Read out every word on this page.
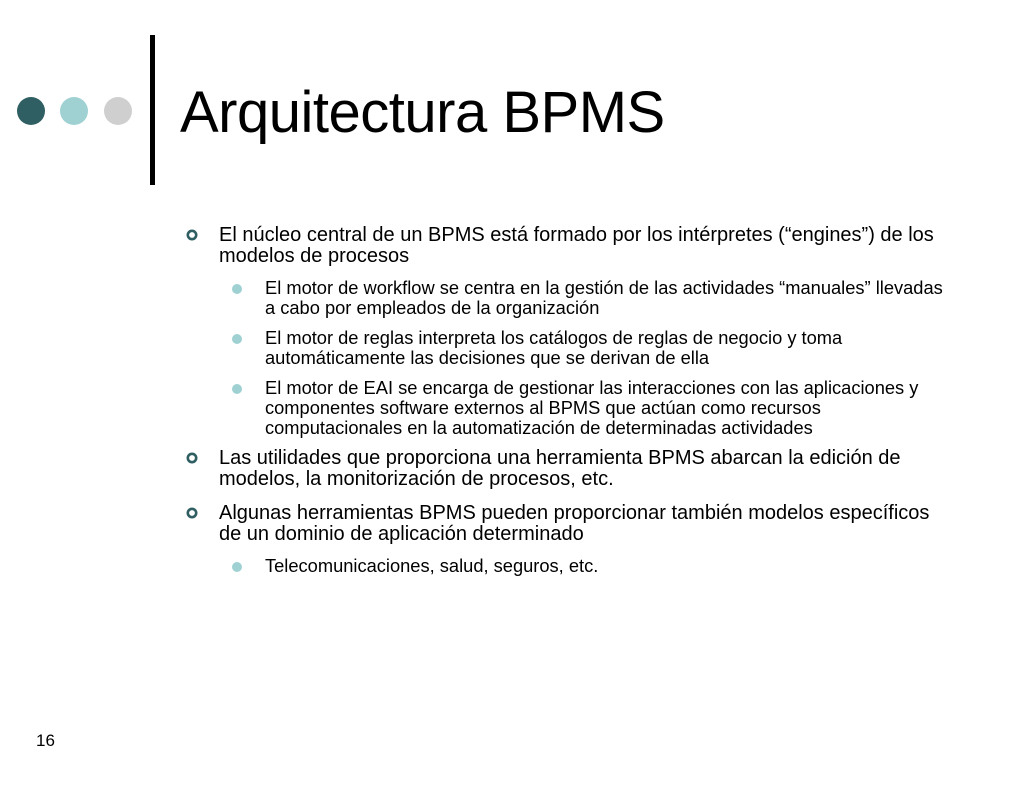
Arquitectura BPMS
El núcleo central de un BPMS está formado por los intérpretes (“engines”) de los modelos de procesos
El motor de workflow se centra en la gestión de las actividades “manuales” llevadas a cabo por empleados de la organización
El motor de reglas interpreta los catálogos de reglas de negocio y toma automáticamente las decisiones que se derivan de ella
El motor de EAI se encarga de gestionar las interacciones con las aplicaciones y componentes software externos al BPMS que actúan como recursos computacionales en la automatización de determinadas actividades
Las utilidades que proporciona una herramienta BPMS abarcan la edición de modelos, la monitorización de procesos, etc.
Algunas herramientas BPMS pueden proporcionar también modelos específicos de un dominio de aplicación determinado
Telecomunicaciones, salud, seguros, etc.
16
